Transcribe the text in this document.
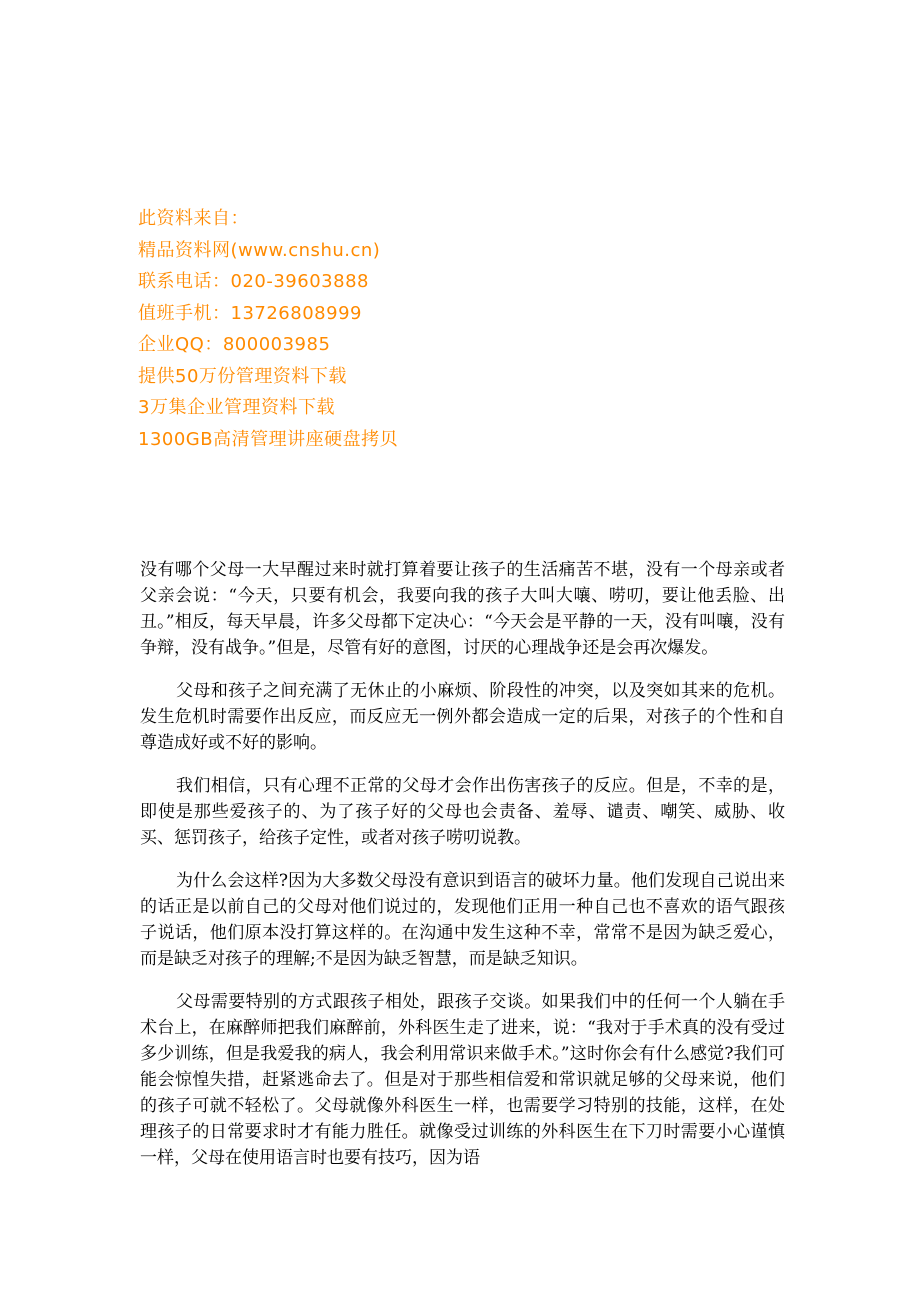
此资料来自：
精品资料网(www.cnshu.cn)
联系电话：020-39603888
值班手机：13726808999
企业QQ：800003985
提供50万份管理资料下载
3万集企业管理资料下载
1300GB高清管理讲座硬盘拷贝

没有哪个父母一大早醒过来时就打算着要让孩子的生活痛苦不堪，没有一个母亲或者父亲会说：“今天，只要有机会，我要向我的孩子大叫大嚷、唠叨，要让他丢脸、出丑。”相反，每天早晨，许多父母都下定决心：“今天会是平静的一天，没有叫嚷，没有争辩，没有战争。”但是，尽管有好的意图，讨厌的心理战争还是会再次爆发。

父母和孩子之间充满了无休止的小麻烦、阶段性的冲突，以及突如其来的危机。发生危机时需要作出反应，而反应无一例外都会造成一定的后果，对孩子的个性和自尊造成好或不好的影响。

我们相信，只有心理不正常的父母才会作出伤害孩子的反应。但是，不幸的是，即使是那些爱孩子的、为了孩子好的父母也会责备、羞辱、谴责、嘲笑、威胁、收买、惩罚孩子，给孩子定性，或者对孩子唠叨说教。

为什么会这样?因为大多数父母没有意识到语言的破坏力量。他们发现自己说出来的话正是以前自己的父母对他们说过的，发现他们正用一种自己也不喜欢的语气跟孩子说话，他们原本没打算这样的。在沟通中发生这种不幸，常常不是因为缺乏爱心，而是缺乏对孩子的理解;不是因为缺乏智慧，而是缺乏知识。

父母需要特别的方式跟孩子相处，跟孩子交谈。如果我们中的任何一个人躺在手术台上，在麻醉师把我们麻醉前，外科医生走了进来，说：“我对于手术真的没有受过多少训练，但是我爱我的病人，我会利用常识来做手术。”这时你会有什么感觉?我们可能会惊惶失措，赶紧逃命去了。但是对于那些相信爱和常识就足够的父母来说，他们的孩子可就不轻松了。父母就像外科医生一样，也需要学习特别的技能，这样，在处理孩子的日常要求时才有能力胜任。就像受过训练的外科医生在下刀时需要小心谨慎一样，父母在使用语言时也要有技巧，因为语
